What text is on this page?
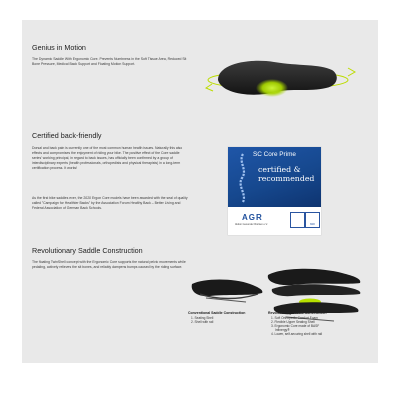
Genius in Motion

The Dynamic Saddle With Ergonomic Core. Prevents Numbness in the Soft Tissue Area, Reduced Sit Bone Pressure, Medical Back Support and Floating Motion Support.

Certified back-friendly

Dorsal and back pain is currently one of the most common human health issues. Naturally this also effects and compromises the enjoyment of riding your bike. The positive effect of the Core saddle series' working principal, in regard to back issues, has officially been confirmed by a group of interdisciplinary experts (health professionals, orthopedists and physical therapists) in a long-term certification process. It works!

As the first bike saddles ever, the 2020 Ergon Core models have been awarded with the seal of quality called "Campaign for Healthier Backs" by the Association Forum Healthy Back – Better Living and Federal Association of German Back Schools.

SC Core Prime
certified &
recommended
AGR
Aktion Gesunder Rücken e.V.	BdR
Revolutionary Saddle Construction

The floating TwinShell concept with the Ergonomic Core supports the natural pelvic movements while pedaling, actively relieves the sit bones, and reliably dampens bumps caused by the riding surface.

Conventional Saddle Construction
1. Seating Shell
2. Shell with rail
Revolutionary Saddle Construction
1. Soft Orthopedic Comfort Foam
2. Flexible Upper Seating Shell
3. Ergonomic Core made of BASF
Infinergy®
4. Lower, self-securing shell with rail
